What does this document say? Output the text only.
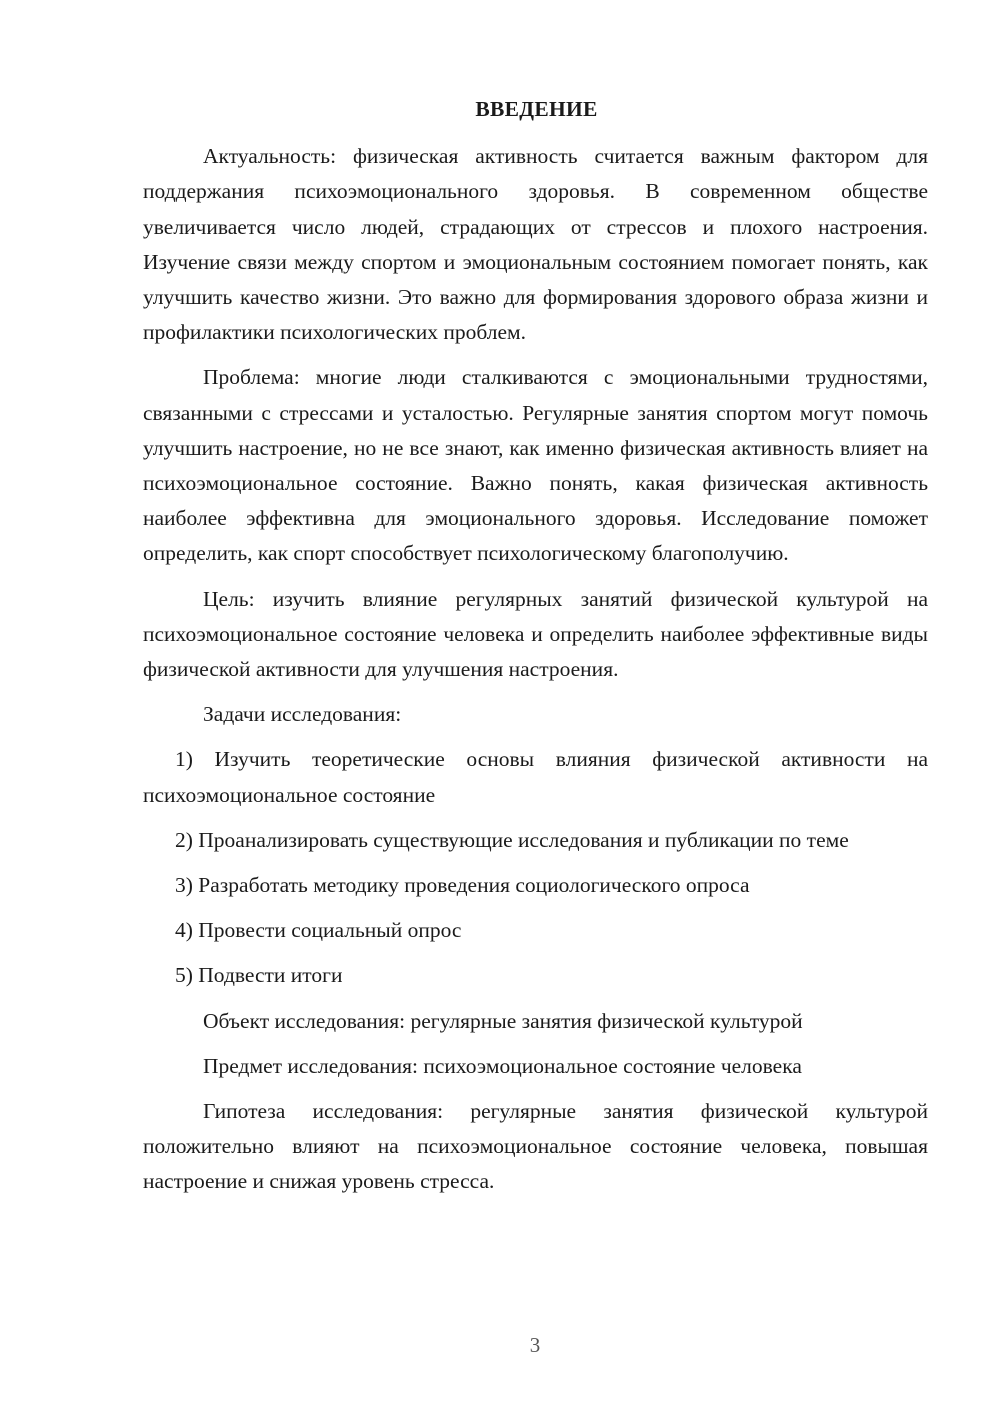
ВВЕДЕНИЕ

Актуальность: физическая активность считается важным фактором для поддержания психоэмоционального здоровья. В современном обществе увеличивается число людей, страдающих от стрессов и плохого настроения. Изучение связи между спортом и эмоциональным состоянием помогает понять, как улучшить качество жизни. Это важно для формирования здорового образа жизни и профилактики психологических проблем.

Проблема: многие люди сталкиваются с эмоциональными трудностями, связанными с стрессами и усталостью. Регулярные занятия спортом могут помочь улучшить настроение, но не все знают, как именно физическая активность влияет на психоэмоциональное состояние. Важно понять, какая физическая активность наиболее эффективна для эмоционального здоровья. Исследование поможет определить, как спорт способствует психологическому благополучию.

Цель: изучить влияние регулярных занятий физической культурой на психоэмоциональное состояние человека и определить наиболее эффективные виды физической активности для улучшения настроения.

Задачи исследования:

1) Изучить теоретические основы влияния физической активности на психоэмоциональное состояние

2) Проанализировать существующие исследования и публикации по теме

3) Разработать методику проведения социологического опроса

4) Провести социальный опрос

5) Подвести итоги

Объект исследования: регулярные занятия физической культурой

Предмет исследования: психоэмоциональное состояние человека

Гипотеза исследования: регулярные занятия физической культурой положительно влияют на психоэмоциональное состояние человека, повышая настроение и снижая уровень стресса.

3
